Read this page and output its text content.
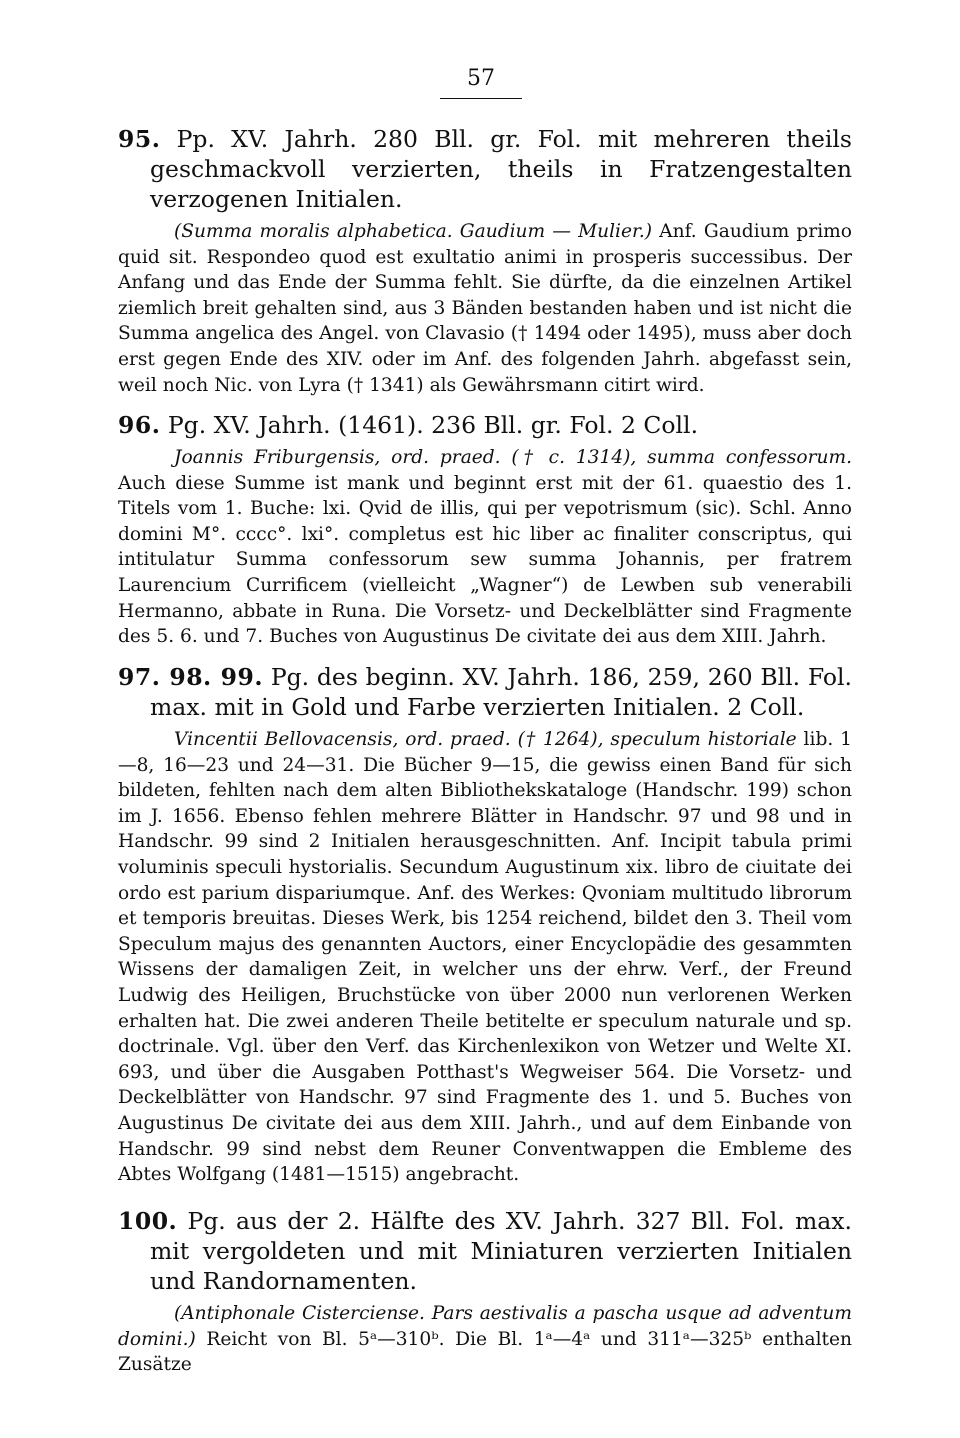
57
95. Pp. XV. Jahrh. 280 Bll. gr. Fol. mit mehreren theils geschmackvoll verzierten, theils in Fratzengestalten verzogenen Initialen.
(Summa moralis alphabetica. Gaudium — Mulier.) Anf. Gaudium primo quid sit. Respondeo quod est exultatio animi in prosperis successibus. Der Anfang und das Ende der Summa fehlt. Sie dürfte, da die einzelnen Artikel ziemlich breit gehalten sind, aus 3 Bänden bestanden haben und ist nicht die Summa angelica des Angel. von Clavasio († 1494 oder 1495), muss aber doch erst gegen Ende des XIV. oder im Anf. des folgenden Jahrh. abgefasst sein, weil noch Nic. von Lyra († 1341) als Gewährsmann citirt wird.
96. Pg. XV. Jahrh. (1461). 236 Bll. gr. Fol. 2 Coll.
Joannis Friburgensis, ord. praed. († c. 1314), summa confessorum. Auch diese Summe ist mank und beginnt erst mit der 61. quaestio des 1. Titels vom 1. Buche: lxi. Qvid de illis, qui per vepotrismum (sic). Schl. Anno domini M°. cccc°. lxi°. completus est hic liber ac finaliter conscriptus, qui intitulatur Summa confessorum sew summa Johannis, per fratrem Laurencium Currificem (vielleicht „Wagner“) de Lewben sub venerabili Hermanno, abbate in Runa. Die Vorsetz- und Deckelblätter sind Fragmente des 5. 6. und 7. Buches von Augustinus De civitate dei aus dem XIII. Jahrh.
97. 98. 99. Pg. des beginn. XV. Jahrh. 186, 259, 260 Bll. Fol. max. mit in Gold und Farbe verzierten Initialen. 2 Coll.
Vincentii Bellovacensis, ord. praed. († 1264), speculum historiale lib. 1—8, 16—23 und 24—31. Die Bücher 9—15, die gewiss einen Band für sich bildeten, fehlten nach dem alten Bibliothekskataloge (Handschr. 199) schon im J. 1656. Ebenso fehlen mehrere Blätter in Handschr. 97 und 98 und in Handschr. 99 sind 2 Initialen herausgeschnitten. Anf. Incipit tabula primi voluminis speculi hystorialis. Secundum Augustinum xix. libro de ciuitate dei ordo est parium dispariumque. Anf. des Werkes: Qvoniam multitudo librorum et temporis breuitas. Dieses Werk, bis 1254 reichend, bildet den 3. Theil vom Speculum majus des genannten Auctors, einer Encyclopädie des gesammten Wissens der damaligen Zeit, in welcher uns der ehrw. Verf., der Freund Ludwig des Heiligen, Bruchstücke von über 2000 nun verlorenen Werken erhalten hat. Die zwei anderen Theile betitelte er speculum naturale und sp. doctrinale. Vgl. über den Verf. das Kirchenlexikon von Wetzer und Welte XI. 693, und über die Ausgaben Potthast's Wegweiser 564. Die Vorsetz- und Deckelblätter von Handschr. 97 sind Fragmente des 1. und 5. Buches von Augustinus De civitate dei aus dem XIII. Jahrh., und auf dem Einbande von Handschr. 99 sind nebst dem Reuner Conventwappen die Embleme des Abtes Wolfgang (1481—1515) angebracht.
100. Pg. aus der 2. Hälfte des XV. Jahrh. 327 Bll. Fol. max. mit vergoldeten und mit Miniaturen verzierten Initialen und Randornamenten.
(Antiphonale Cisterciense. Pars aestivalis a pascha usque ad adventum domini.) Reicht von Bl. 5ᵃ—310ᵇ. Die Bl. 1ᵃ—4ᵃ und 311ᵃ—325ᵇ enthalten Zusätze
